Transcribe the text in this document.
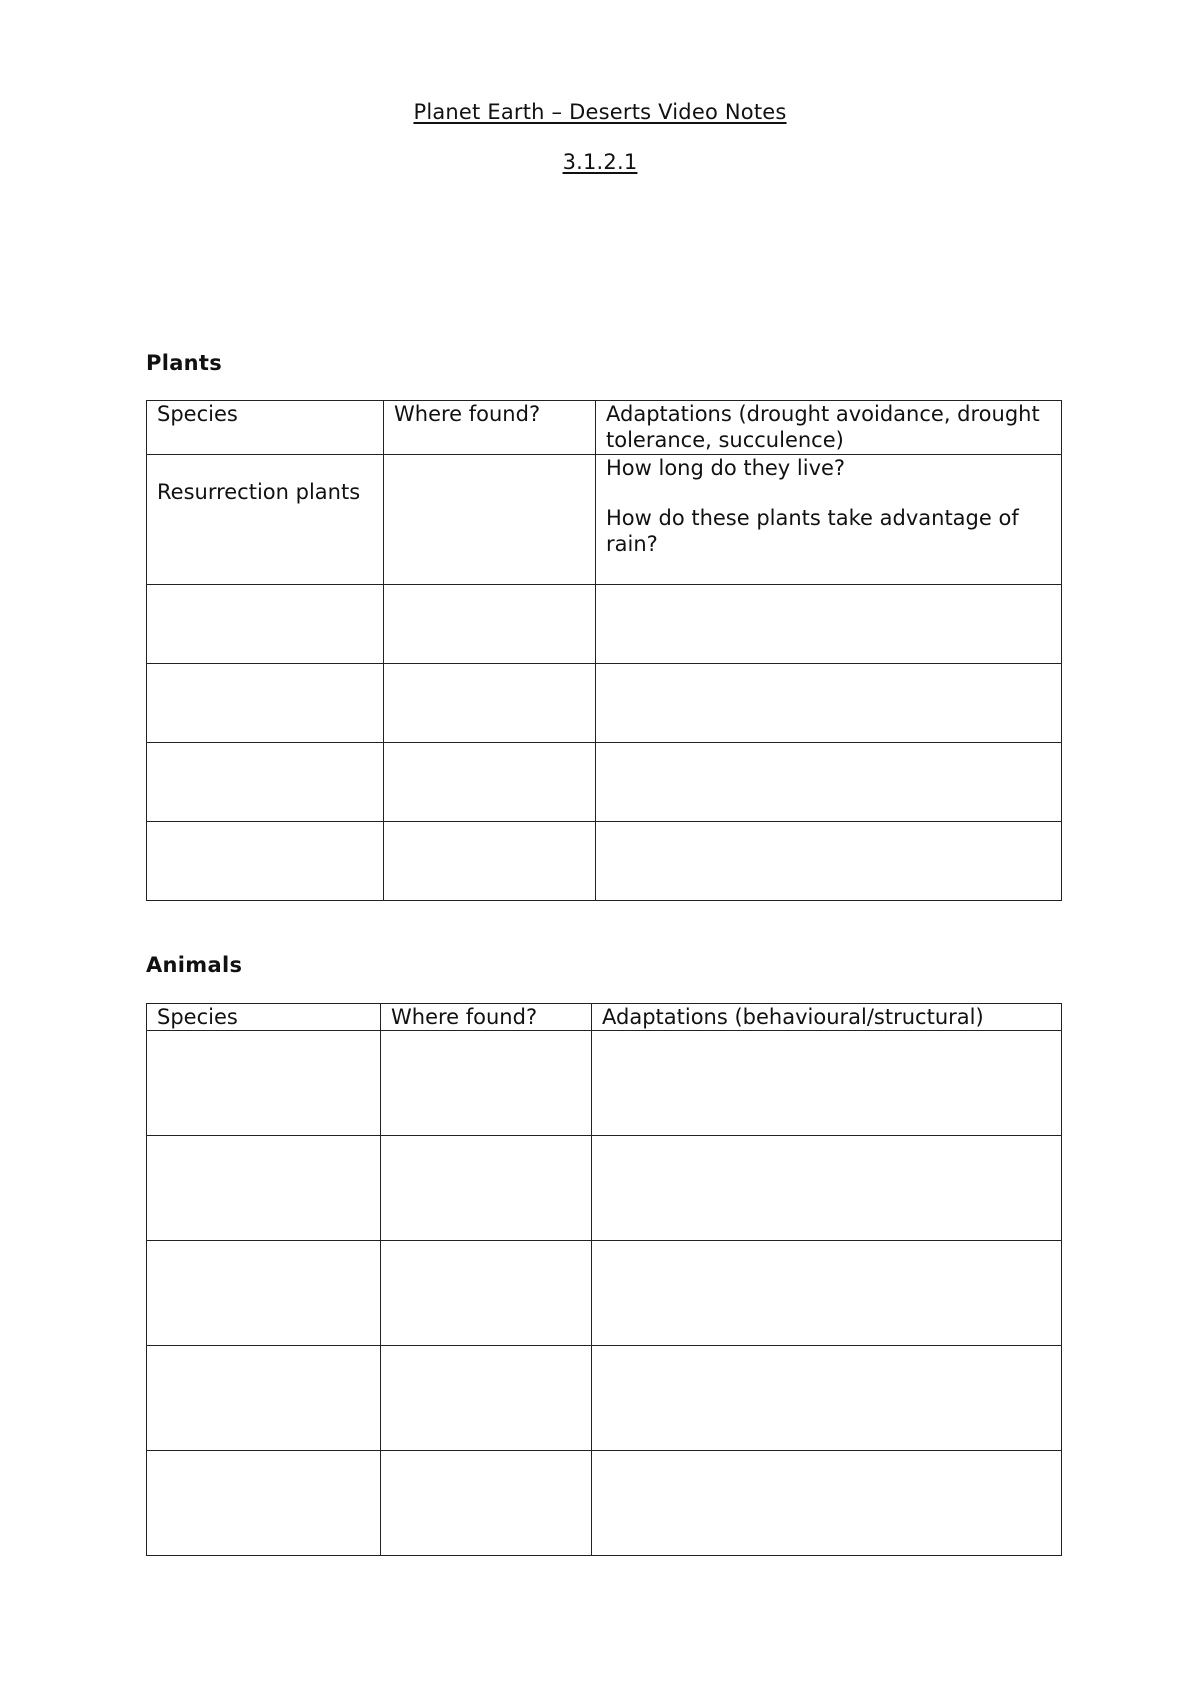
Planet Earth – Deserts Video Notes
3.1.2.1
Plants
Species	Where found?	Adaptations (drought avoidance, drought tolerance, succulence)
Resurrection plants		How long do they live?
How do these plants take advantage of rain?

Animals
Species	Where found?	Adaptations (behavioural/structural)
